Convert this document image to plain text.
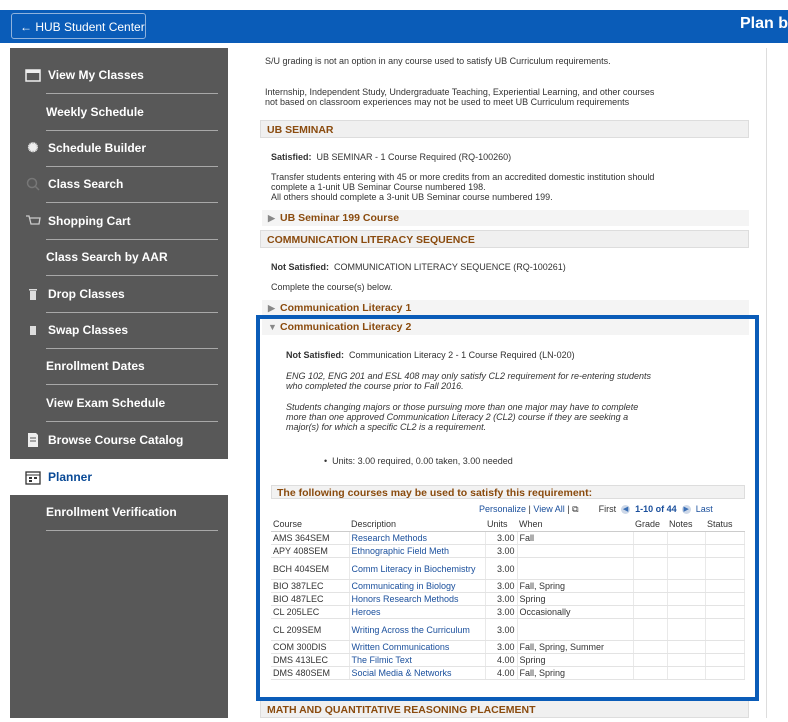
← HUB Student Center	Plan b
View My Classes
Weekly Schedule
✺ Schedule Builder
Class Search
Shopping Cart
Class Search by AAR
Drop Classes
Swap Classes
Enrollment Dates
View Exam Schedule
Browse Course Catalog
Planner
Enrollment Verification
S/U grading is not an option in any course used to satisfy UB Curriculum requirements.
Internship, Independent Study, Undergraduate Teaching, Experiential Learning, and other courses
not based on classroom experiences may not be used to meet UB Curriculum requirements
UB SEMINAR
Satisfied: UB SEMINAR - 1 Course Required (RQ-100260)
Transfer students entering with 45 or more credits from an accredited domestic institution should
complete a 1-unit UB Seminar Course numbered 198.
All others should complete a 3-unit UB Seminar course numbered 199.
▶ UB Seminar 199 Course
COMMUNICATION LITERACY SEQUENCE
Not Satisfied: COMMUNICATION LITERACY SEQUENCE (RQ-100261)
Complete the course(s) below.
▶ Communication Literacy 1
▼ Communication Literacy 2
Not Satisfied: Communication Literacy 2 - 1 Course Required (LN-020)
ENG 102, ENG 201 and ESL 408 may only satisfy CL2 requirement for re-entering students
who completed the course prior to Fall 2016.
Students changing majors or those pursuing more than one major may have to complete
more than one approved Communication Literacy 2 (CL2) course if they are seeking a
major(s) for which a specific CL2 is a requirement.
•  Units: 3.00 required, 0.00 taken, 3.00 needed
The following courses may be used to satisfy this requirement:
Personalize | View All | ⧉ First ◀ 1-10 of 44 ▶ Last
Course	Description	Units	When	Grade	Notes	Status
AMS 364SEM	Research Methods	3.00	Fall			
APY 408SEM	Ethnographic Field Meth	3.00				
BCH 404SEM	Comm Literacy in Biochemistry	3.00				
BIO 387LEC	Communicating in Biology	3.00	Fall, Spring			
BIO 487LEC	Honors Research Methods	3.00	Spring			
CL 205LEC	Heroes	3.00	Occasionally			
CL 209SEM	Writing Across the Curriculum	3.00				
COM 300DIS	Written Communications	3.00	Fall, Spring, Summer			
DMS 413LEC	The Filmic Text	4.00	Spring			
DMS 480SEM	Social Media & Networks	4.00	Fall, Spring			
MATH AND QUANTITATIVE REASONING PLACEMENT
